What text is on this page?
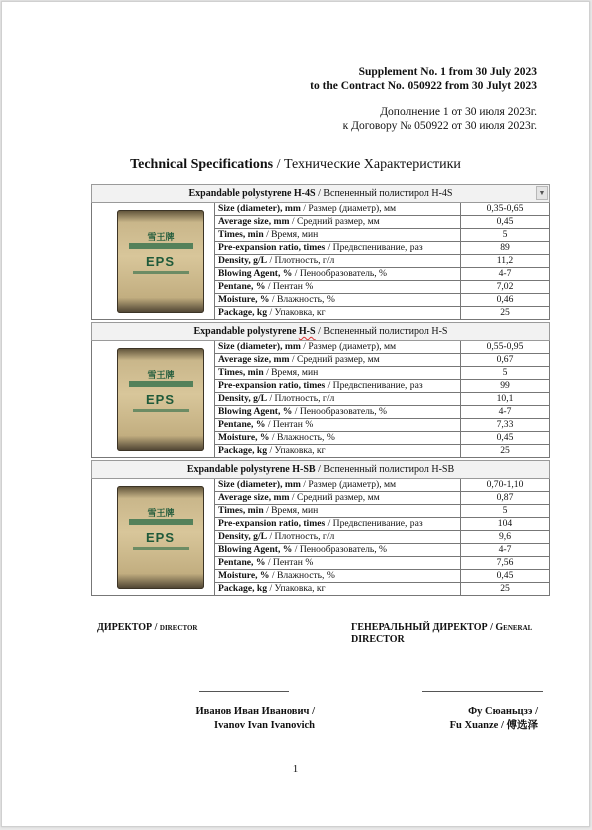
Supplement No. 1 from 30 July 2023
to the Contract No. 050922 from 30 Julyt 2023
Дополнение 1 от 30 июля 2023г.
к Договору № 050922 от 30 июля 2023г.
Technical Specifications / Технические Характеристики
Expandable polystyrene H-4S / Вспененный полистирол H-4S	▼
雪王牌
EPS
Size (diameter), mm / Размер (диаметр), мм
Average size, mm / Средний размер, мм
Times, min / Время, мин
Pre-expansion ratio, times / Предвспенивание, раз
Density, g/L / Плотность, г/л
Blowing Agent, % / Пенообразователь, %
Pentane, % / Пентан %
Moisture, % / Влажность, %
Package, kg / Упаковка, кг
0,35-0,65
0,45
5
89
11,2
4-7
7,02
0,46
25
Expandable polystyrene H-S / Вспененный полистирол H-S
雪王牌
EPS
Size (diameter), mm / Размер (диаметр), мм
Average size, mm / Средний размер, мм
Times, min / Время, мин
Pre-expansion ratio, times / Предвспенивание, раз
Density, g/L / Плотность, г/л
Blowing Agent, % / Пенообразователь, %
Pentane, % / Пентан %
Moisture, % / Влажность, %
Package, kg / Упаковка, кг
0,55-0,95
0,67
5
99
10,1
4-7
7,33
0,45
25
Expandable polystyrene H-SB / Вспененный полистирол H-SB
雪王牌
EPS
Size (diameter), mm / Размер (диаметр), мм
Average size, mm / Средний размер, мм
Times, min / Время, мин
Pre-expansion ratio, times / Предвспенивание, раз
Density, g/L / Плотность, г/л
Blowing Agent, % / Пенообразователь, %
Pentane, % / Пентан %
Moisture, % / Влажность, %
Package, kg / Упаковка, кг
0,70-1,10
0,87
5
104
9,6
4-7
7,56
0,45
25
ДИРЕКТОР / director	ГЕНЕРАЛЬНЫЙ ДИРЕКТОР / General
DIRECTOR
Иванов Иван Иванович /
Ivanov Ivan Ivanovich
Фу Сюаньцзэ /
Fu Xuanze / 傅选泽
1
